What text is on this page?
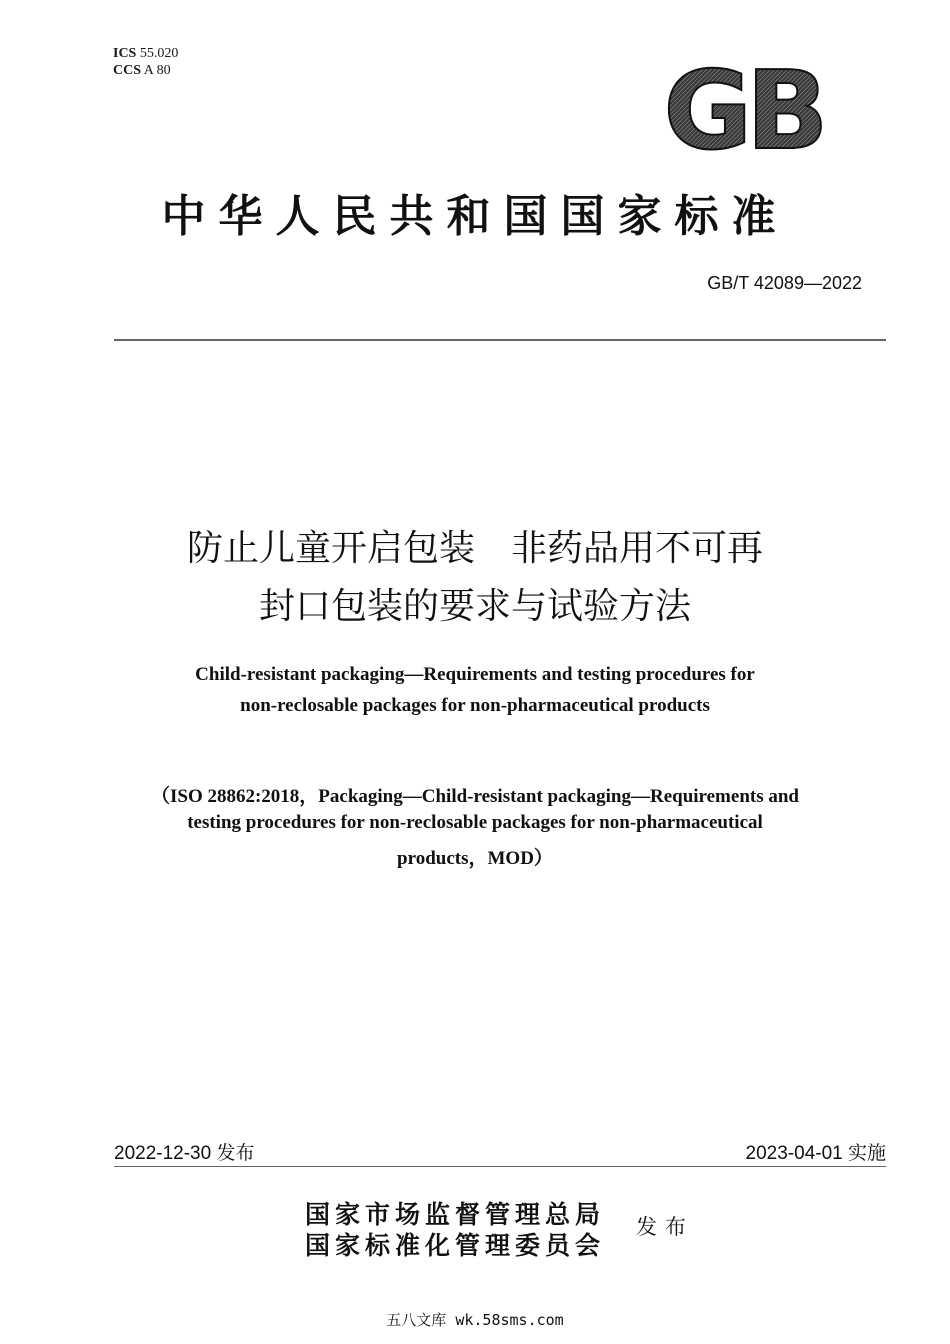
ICS 55.020
CCS A 80	GB
中华人民共和国国家标准
GB/T 42089—2022
防止儿童开启包装　非药品用不可再
封口包装的要求与试验方法
Child-resistant packaging—Requirements and testing procedures for
non-reclosable packages for non-pharmaceutical products
（ISO 28862:2018，Packaging—Child-resistant packaging—Requirements and
testing procedures for non-reclosable packages for non-pharmaceutical
products，MOD）
2022-12-30 发布	2023-04-01 实施
国家市场监督管理总局
国家标准化管理委员会
发布
五八文库 wk.58sms.com
